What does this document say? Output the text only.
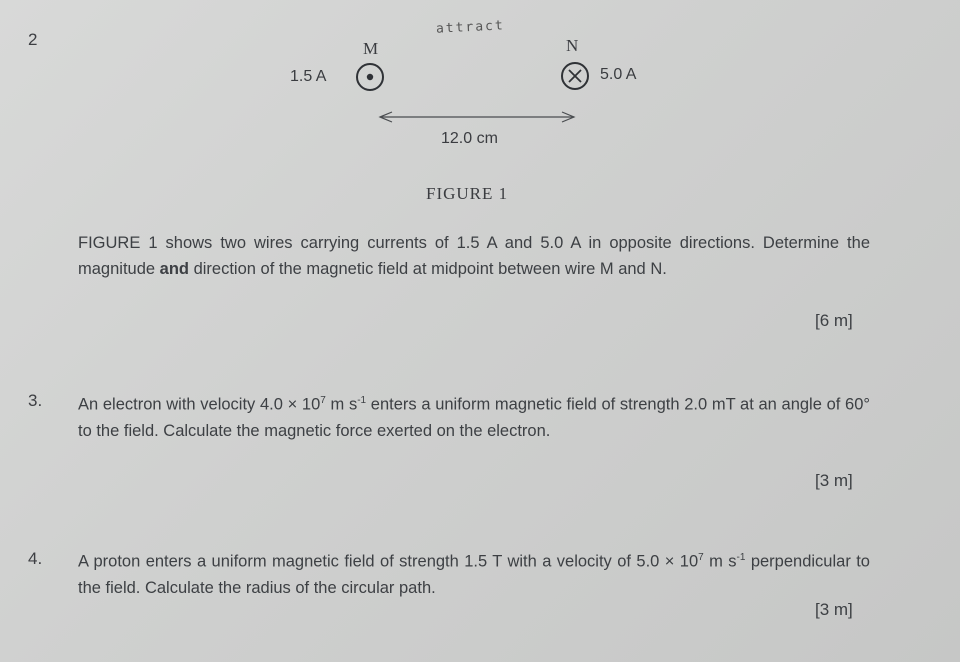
2
attract
M	N
1.5 A	5.0 A
12.0 cm
FIGURE 1
FIGURE 1 shows two wires carrying currents of 1.5 A and 5.0 A in opposite directions. Determine the magnitude and direction of the magnetic field at midpoint between wire M and N.
[6 m]
3. An electron with velocity $4.0 \times 10^7$ m $s^{-1}$ enters a uniform magnetic field of strength 2.0 mT at an angle of 60° to the field. Calculate the magnetic force exerted on the electron.
[3 m]
4. A proton enters a uniform magnetic field of strength 1.5 T with a velocity of $5.0 \times 10^7$ m $s^{-1}$ perpendicular to the field. Calculate the radius of the circular path.
[3 m]
